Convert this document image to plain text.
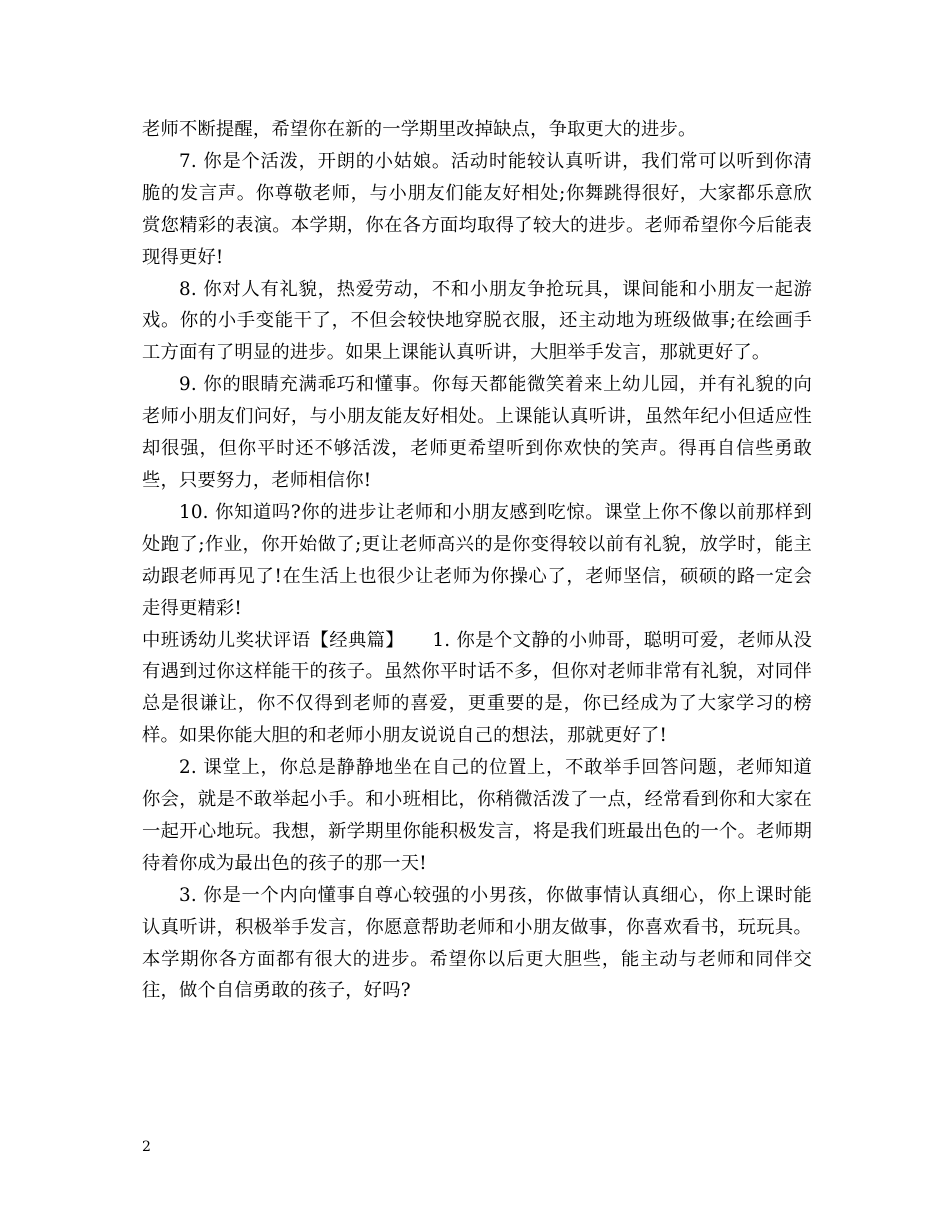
老师不断提醒，希望你在新的一学期里改掉缺点，争取更大的进步。

7. 你是个活泼，开朗的小姑娘。活动时能较认真听讲，我们常可以听到你清脆的发言声。你尊敬老师，与小朋友们能友好相处;你舞跳得很好，大家都乐意欣赏您精彩的表演。本学期，你在各方面均取得了较大的进步。老师希望你今后能表现得更好!

8. 你对人有礼貌，热爱劳动，不和小朋友争抢玩具，课间能和小朋友一起游戏。你的小手变能干了，不但会较快地穿脱衣服，还主动地为班级做事;在绘画手工方面有了明显的进步。如果上课能认真听讲，大胆举手发言，那就更好了。

9. 你的眼睛充满乖巧和懂事。你每天都能微笑着来上幼儿园，并有礼貌的向老师小朋友们问好，与小朋友能友好相处。上课能认真听讲，虽然年纪小但适应性却很强，但你平时还不够活泼，老师更希望听到你欢快的笑声。得再自信些勇敢些，只要努力，老师相信你!

10. 你知道吗?你的进步让老师和小朋友感到吃惊。课堂上你不像以前那样到处跑了;作业，你开始做了;更让老师高兴的是你变得较以前有礼貌，放学时，能主动跟老师再见了!在生活上也很少让老师为你操心了，老师坚信，硕硕的路一定会走得更精彩!

中班诱幼儿奖状评语【经典篇】　　1. 你是个文静的小帅哥，聪明可爱，老师从没有遇到过你这样能干的孩子。虽然你平时话不多，但你对老师非常有礼貌，对同伴总是很谦让，你不仅得到老师的喜爱，更重要的是，你已经成为了大家学习的榜样。如果你能大胆的和老师小朋友说说自己的想法，那就更好了!

2. 课堂上，你总是静静地坐在自己的位置上，不敢举手回答问题，老师知道你会，就是不敢举起小手。和小班相比，你稍微活泼了一点，经常看到你和大家在一起开心地玩。我想，新学期里你能积极发言，将是我们班最出色的一个。老师期待着你成为最出色的孩子的那一天!

3. 你是一个内向懂事自尊心较强的小男孩，你做事情认真细心，你上课时能认真听讲，积极举手发言，你愿意帮助老师和小朋友做事，你喜欢看书，玩玩具。本学期你各方面都有很大的进步。希望你以后更大胆些，能主动与老师和同伴交往，做个自信勇敢的孩子，好吗?

2
